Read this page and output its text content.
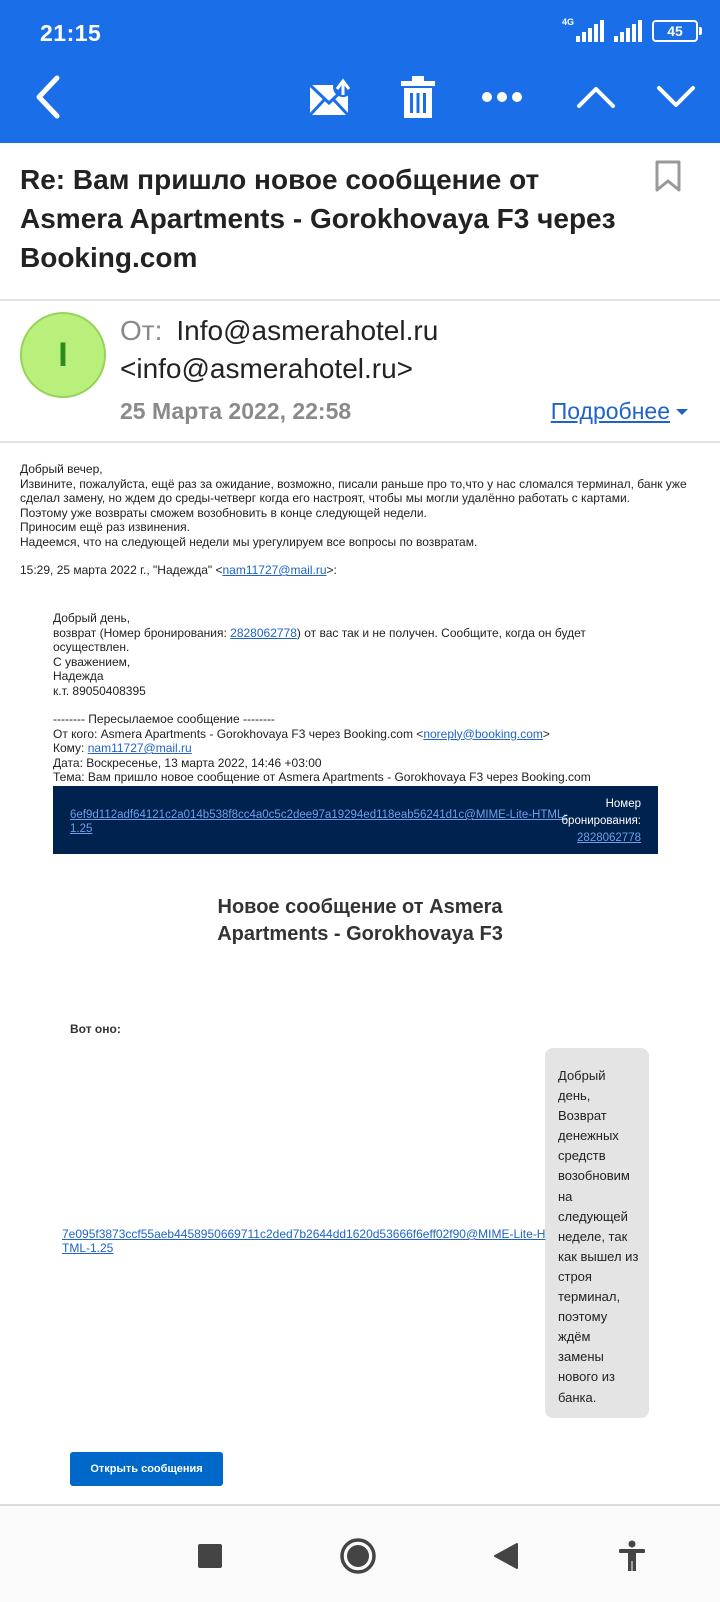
21:15	4G
45
Re: Вам пришло новое сообщение от Asmera Apartments - Gorokhovaya F3 через Booking.com
I
От: Info@asmerahotel.ru
<info@asmerahotel.ru>
25 Марта 2022, 22:58	Подробнее

Добрый вечер,

Извините, пожалуйста, ещё раз за ожидание, возможно, писали раньше про то,что у нас сломался терминал, банк уже сделал замену, но ждем до среды-четверг когда его настроят, чтобы мы могли удалённо работать с картами.

Поэтому уже возвраты сможем возобновить в конце следующей недели.

Приносим ещё раз извинения.

Надеемся, что на следующей недели мы урегулируем все вопросы по возвратам.

15:29, 25 марта 2022 г., "Надежда" <nam11727@mail.ru>:

Добрый день,
возврат (Номер бронирования: 2828062778) от вас так и не получен. Сообщите, когда он будет осуществлен.
С уважением,
Надежда
к.т. 89050408395
-------- Пересылаемое сообщение --------
От кого: Asmera Apartments - Gorokhovaya F3 через Booking.com <noreply@booking.com>
Кому: nam11727@mail.ru
Дата: Воскресенье, 13 марта 2022, 14:46 +03:00
Тема: Вам пришло новое сообщение от Asmera Apartments - Gorokhovaya F3 через Booking.com
6ef9d112adf64121c2a014b538f8cc4a0c5c2dee97a19294ed118eab56241d1c@MIME-Lite-HTML-1.25
Номер
бронирования:
2828062778
Новое сообщение от Asmera Apartments - Gorokhovaya F3
Вот оно:
Добрый день, Возврат денежных средств возобновим на следующей неделе, так как вышел из строя терминал, поэтому ждём замены нового из банка.
7e095f3873ccf55aeb4458950669711c2ded7b2644dd1620d53666f6eff02f90@MIME-Lite-HTML-1.25
Открыть сообщения
